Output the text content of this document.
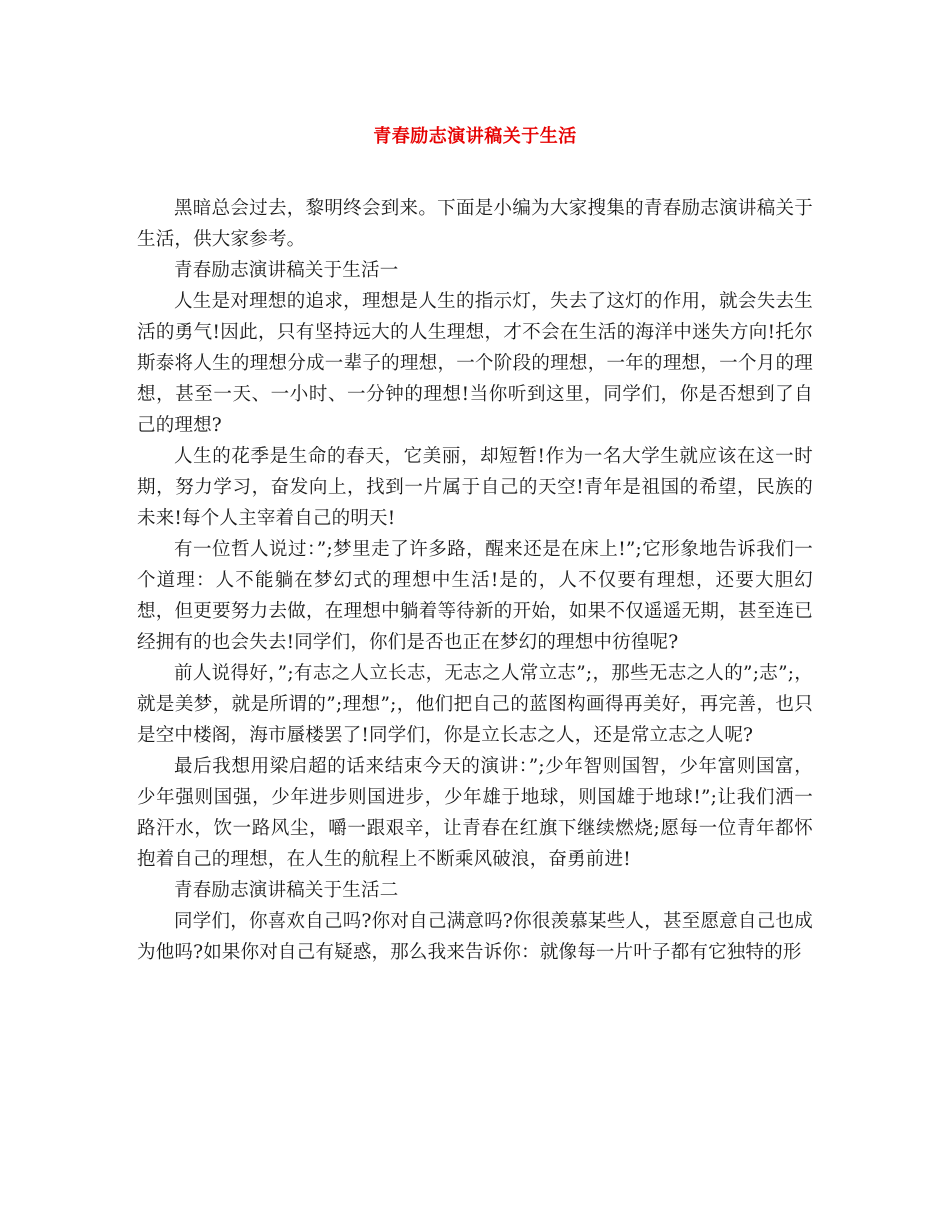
青春励志演讲稿关于生活

黑暗总会过去，黎明终会到来。下面是小编为大家搜集的青春励志演讲稿关于生活，供大家参考。

青春励志演讲稿关于生活一

人生是对理想的追求，理想是人生的指示灯，失去了这灯的作用，就会失去生活的勇气!因此，只有坚持远大的人生理想，才不会在生活的海洋中迷失方向!托尔斯泰将人生的理想分成一辈子的理想，一个阶段的理想，一年的理想，一个月的理想，甚至一天、一小时、一分钟的理想!当你听到这里，同学们，你是否想到了自己的理想?

人生的花季是生命的春天，它美丽，却短暂!作为一名大学生就应该在这一时期，努力学习，奋发向上，找到一片属于自己的天空!青年是祖国的希望，民族的未来!每个人主宰着自己的明天!

有一位哲人说过：”;梦里走了许多路，醒来还是在床上!”;它形象地告诉我们一个道理：人不能躺在梦幻式的理想中生活!是的，人不仅要有理想，还要大胆幻想，但更要努力去做，在理想中躺着等待新的开始，如果不仅遥遥无期，甚至连已经拥有的也会失去!同学们，你们是否也正在梦幻的理想中彷徨呢?

前人说得好，”;有志之人立长志，无志之人常立志”;，那些无志之人的”;志”;，就是美梦，就是所谓的”;理想”;，他们把自己的蓝图构画得再美好，再完善，也只是空中楼阁，海市蜃楼罢了!同学们，你是立长志之人，还是常立志之人呢?

最后我想用梁启超的话来结束今天的演讲：”;少年智则国智，少年富则国富，少年强则国强，少年进步则国进步，少年雄于地球，则国雄于地球!”;让我们洒一路汗水，饮一路风尘，嚼一跟艰辛，让青春在红旗下继续燃烧;愿每一位青年都怀抱着自己的理想，在人生的航程上不断乘风破浪，奋勇前进!

青春励志演讲稿关于生活二

同学们，你喜欢自己吗?你对自己满意吗?你很羡慕某些人，甚至愿意自己也成为他吗?如果你对自己有疑惑，那么我来告诉你：就像每一片叶子都有它独特的形
